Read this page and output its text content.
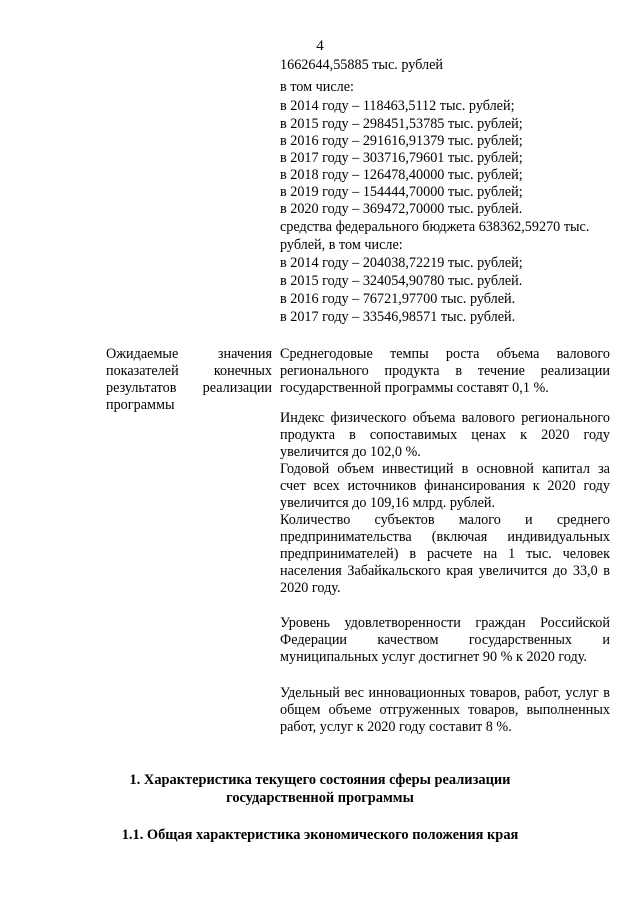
4
1662644,55885 тыс. рублей
в том числе:
в 2014 году – 118463,5112 тыс. рублей;
в 2015 году – 298451,53785 тыс. рублей;
в 2016 году – 291616,91379 тыс. рублей;
в 2017 году – 303716,79601 тыс. рублей;
в 2018 году – 126478,40000 тыс. рублей;
в 2019 году – 154444,70000 тыс. рублей;
в 2020 году – 369472,70000 тыс. рублей.
средства федерального бюджета 638362,59270 тыс.
рублей, в том числе:
в 2014 году – 204038,72219 тыс. рублей;
в 2015 году – 324054,90780 тыс. рублей.
в 2016 году – 76721,97700 тыс. рублей.
в 2017 году – 33546,98571 тыс. рублей.
Ожидаемые значения
показателей конечных
результатов реализации
программы
Среднегодовые темпы роста объема валового регионального продукта в течение реализации государственной программы составят 0,1 %.
Индекс физического объема валового регионального продукта в сопоставимых ценах к 2020 году увеличится до 102,0 %.
Годовой объем инвестиций в основной капитал за счет всех источников финансирования к 2020 году увеличится до 109,16 млрд. рублей.
Количество субъектов малого и среднего предпринимательства (включая индивидуальных предпринимателей) в расчете на 1 тыс. человек населения Забайкальского края увеличится до 33,0 в 2020 году.
Уровень удовлетворенности граждан Российской Федерации качеством государственных и муниципальных услуг достигнет 90 % к 2020 году.
Удельный вес инновационных товаров, работ, услуг в общем объеме отгруженных товаров, выполненных работ, услуг к 2020 году составит 8 %.
1. Характеристика текущего состояния сферы реализации
государственной программы
1.1. Общая характеристика экономического положения края
